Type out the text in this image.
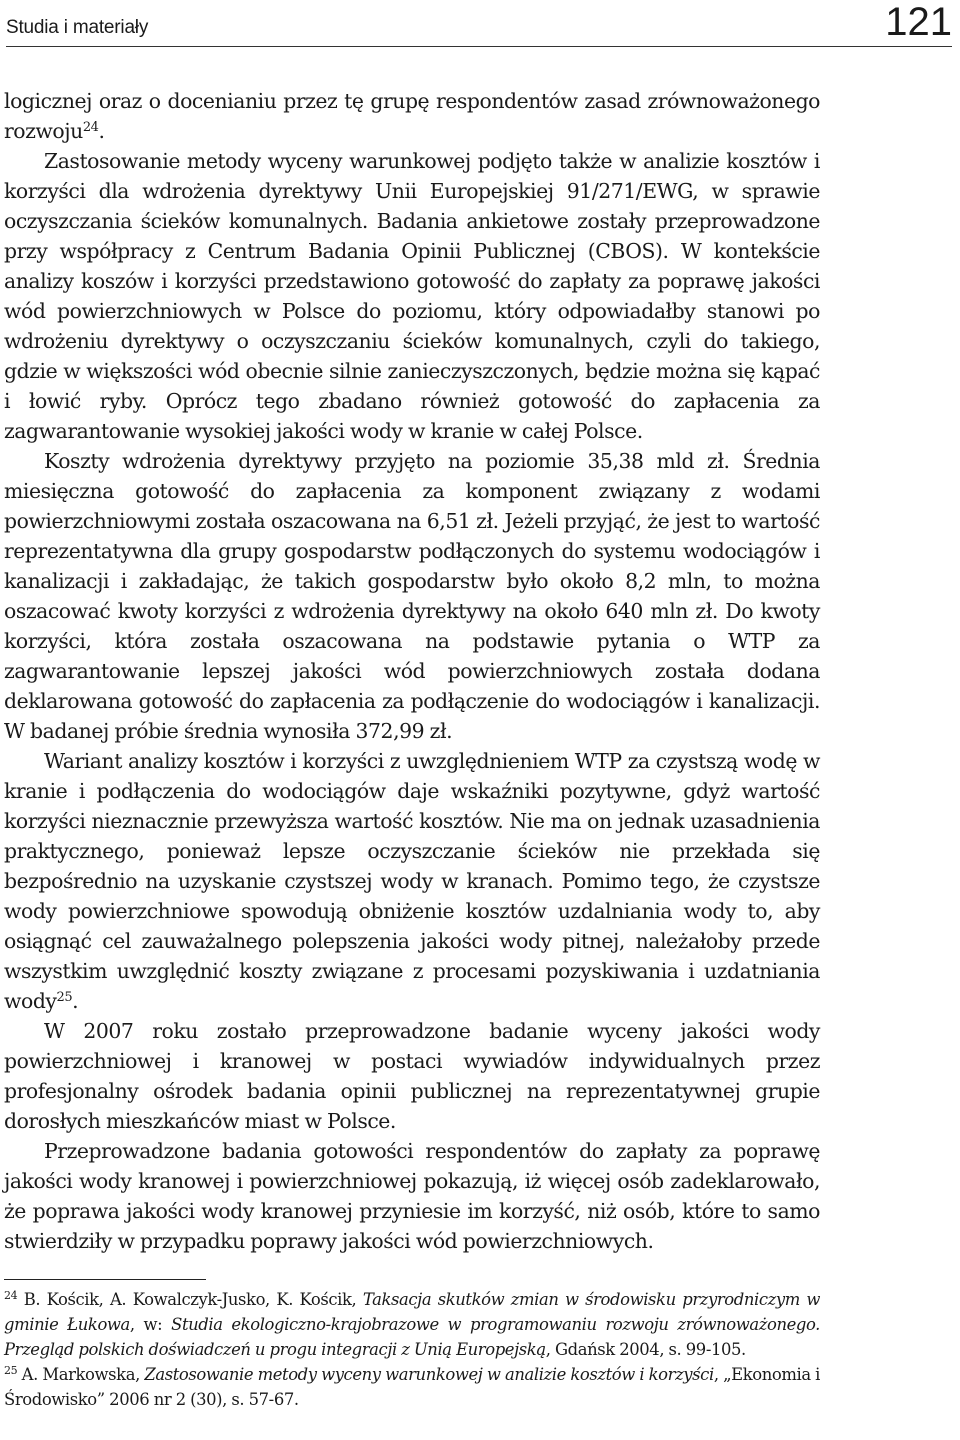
Studia i materiały	121

logicznej oraz o docenianiu przez tę grupę respondentów zasad zrównoważonego rozwoju$^{24}$.

Zastosowanie metody wyceny warunkowej podjęto także w analizie kosztów i korzyści dla wdrożenia dyrektywy Unii Europejskiej 91/271/EWG, w sprawie oczyszczania ścieków komunalnych. Badania ankietowe zostały przeprowadzone przy współpracy z Centrum Badania Opinii Publicznej (CBOS). W kontekście analizy koszów i korzyści przedstawiono gotowość do zapłaty za poprawę jakości wód powierzchniowych w Polsce do poziomu, który odpowiadałby stanowi po wdrożeniu dyrektywy o oczyszczaniu ścieków komunalnych, czyli do takiego, gdzie w większości wód obecnie silnie zanieczyszczonych, będzie można się kąpać i łowić ryby. Oprócz tego zbadano również gotowość do zapłacenia za zagwarantowanie wysokiej jakości wody w kranie w całej Polsce.

Koszty wdrożenia dyrektywy przyjęto na poziomie 35,38 mld zł. Średnia miesięczna gotowość do zapłacenia za komponent związany z wodami powierzchniowymi została oszacowana na 6,51 zł. Jeżeli przyjąć, że jest to wartość reprezentatywna dla grupy gospodarstw podłączonych do systemu wodociągów i kanalizacji i zakładając, że takich gospodarstw było około 8,2 mln, to można oszacować kwoty korzyści z wdrożenia dyrektywy na około 640 mln zł. Do kwoty korzyści, która została oszacowana na podstawie pytania o WTP za zagwarantowanie lepszej jakości wód powierzchniowych została dodana deklarowana gotowość do zapłacenia za podłączenie do wodociągów i kanalizacji. W badanej próbie średnia wynosiła 372,99 zł.

Wariant analizy kosztów i korzyści z uwzględnieniem WTP za czystszą wodę w kranie i podłączenia do wodociągów daje wskaźniki pozytywne, gdyż wartość korzyści nieznacznie przewyższa wartość kosztów. Nie ma on jednak uzasadnienia praktycznego, ponieważ lepsze oczyszczanie ścieków nie przekłada się bezpośrednio na uzyskanie czystszej wody w kranach. Pomimo tego, że czystsze wody powierzchniowe spowodują obniżenie kosztów uzdalniania wody to, aby osiągnąć cel zauważalnego polepszenia jakości wody pitnej, należałoby przede wszystkim uwzględnić koszty związane z procesami pozyskiwania i uzdatniania wody$^{25}$.

W 2007 roku zostało przeprowadzone badanie wyceny jakości wody powierzchniowej i kranowej w postaci wywiadów indywidualnych przez profesjonalny ośrodek badania opinii publicznej na reprezentatywnej grupie dorosłych mieszkańców miast w Polsce.

Przeprowadzone badania gotowości respondentów do zapłaty za poprawę jakości wody kranowej i powierzchniowej pokazują, iż więcej osób zadeklarowało, że poprawa jakości wody kranowej przyniesie im korzyść, niż osób, które to samo stwierdziły w przypadku poprawy jakości wód powierzchniowych.

$^{24}$ B. Kościk, A. Kowalczyk-Jusko, K. Kościk, Taksacja skutków zmian w środowisku przyrodniczym w gminie Łukowa, w: Studia ekologiczno-krajobrazowe w programowaniu rozwoju zrównoważonego. Przegląd polskich doświadczeń u progu integracji z Unią Europejską, Gdańsk 2004, s. 99-105.

$^{25}$ A. Markowska, Zastosowanie metody wyceny warunkowej w analizie kosztów i korzyści, „Ekonomia i Środowisko” 2006 nr 2 (30), s. 57-67.
